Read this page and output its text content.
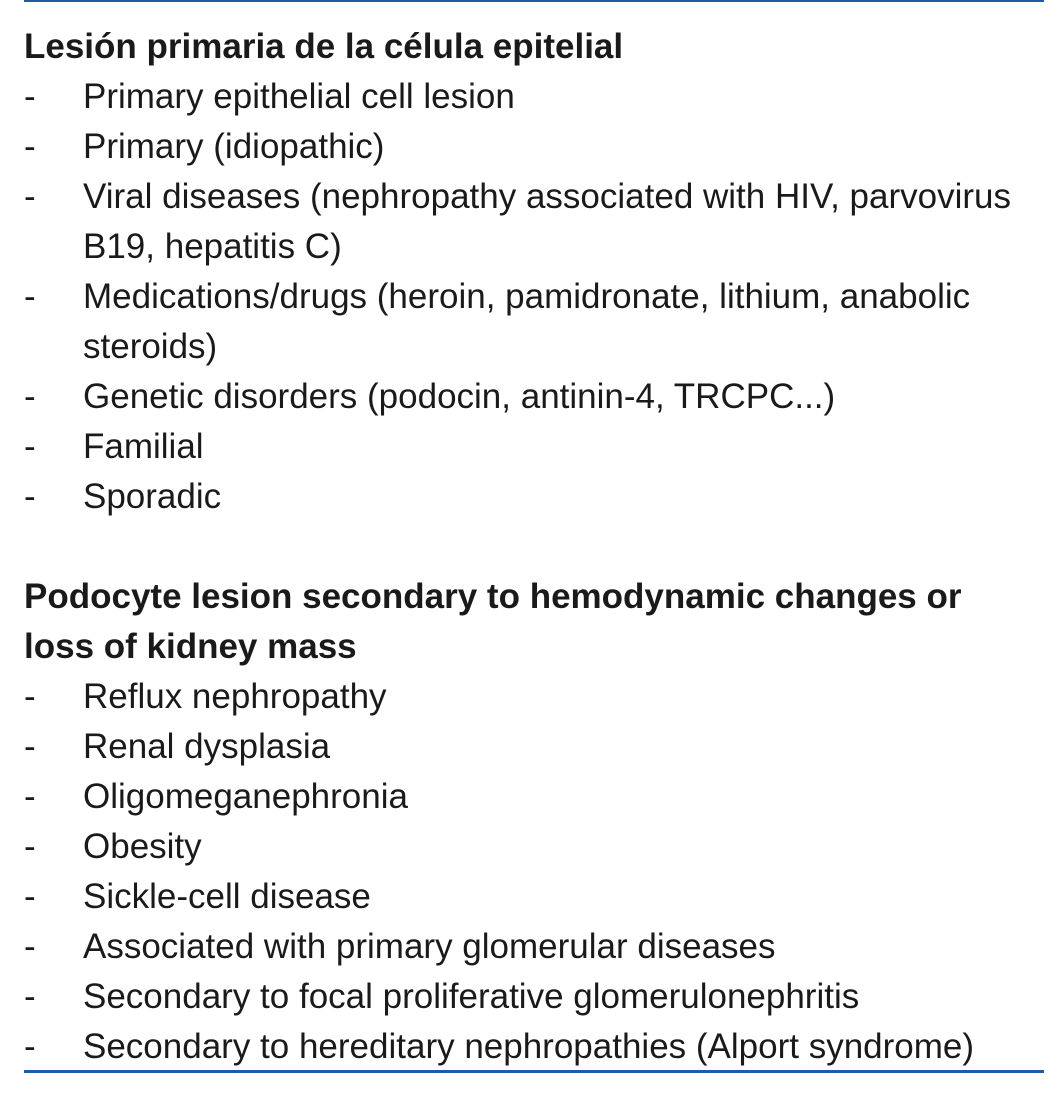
Lesión primaria de la célula epitelial
- Primary epithelial cell lesion
- Primary (idiopathic)
- Viral diseases (nephropathy associated with HIV, parvovirus B19, hepatitis C)
- Medications/drugs (heroin, pamidronate, lithium, anabolic steroids)
- Genetic disorders (podocin, antinin-4, TRCPC...)
- Familial
- Sporadic
Podocyte lesion secondary to hemodynamic changes or loss of kidney mass
- Reflux nephropathy
- Renal dysplasia
- Oligomeganephronia
- Obesity
- Sickle-cell disease
- Associated with primary glomerular diseases
- Secondary to focal proliferative glomerulonephritis
- Secondary to hereditary nephropathies (Alport syndrome)
